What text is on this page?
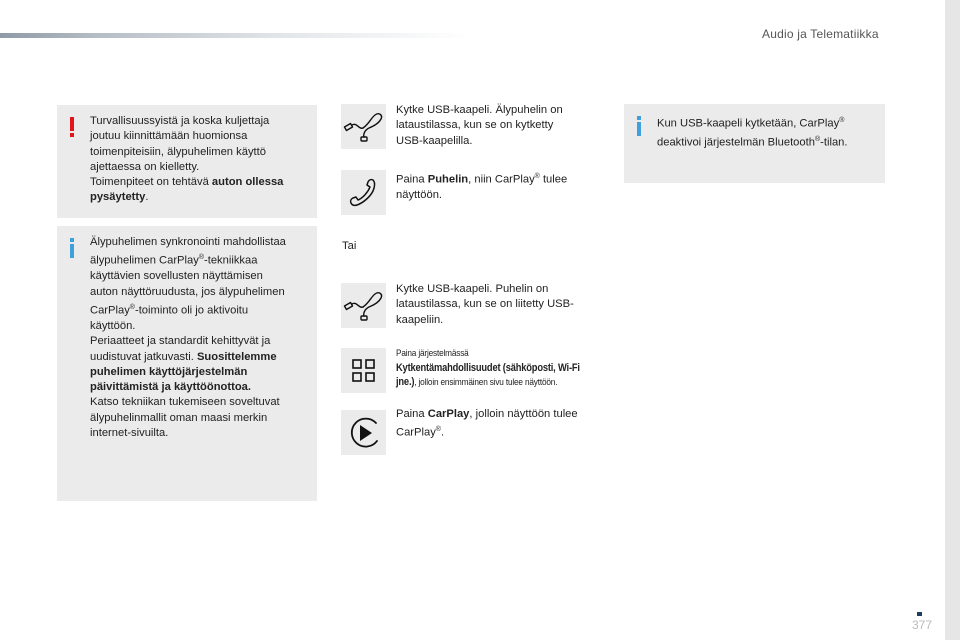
Audio ja Telematiikka
Turvallisuussyistä ja koska kuljettaja
joutuu kiinnittämään huomionsa
toimenpiteisiin, älypuhelimen käyttö
ajettaessa on kielletty.
Toimenpiteet on tehtävä auton ollessa
pysäytetty.
Älypuhelimen synkronointi mahdollistaa
älypuhelimen CarPlay®-tekniikkaa
käyttävien sovellusten näyttämisen
auton näyttöruudusta, jos älypuhelimen
CarPlay®-toiminto oli jo aktivoitu
käyttöön.
Periaatteet ja standardit kehittyvät ja
uudistuvat jatkuvasti. Suosittelemme
puhelimen käyttöjärjestelmän
päivittämistä ja käyttöönottoa.
Katso tekniikan tukemiseen soveltuvat
älypuhelinmallit oman maasi merkin
internet-sivuilta.
Kytke USB-kaapeli. Älypuhelin on
lataustilassa, kun se on kytketty
USB-kaapelilla.
Paina Puhelin, niin CarPlay® tulee
näyttöön.
Tai
Kytke USB-kaapeli. Puhelin on
lataustilassa, kun se on liitetty USB-
kaapeliin.
Paina järjestelmässä
Kytkentämahdollisuudet (sähköposti, Wi-Fi
jne.), jolloin ensimmäinen sivu tulee näyttöön.
Paina CarPlay, jolloin näyttöön tulee
CarPlay®.
Kun USB-kaapeli kytketään, CarPlay®
deaktivoi järjestelmän Bluetooth®-tilan.
377
